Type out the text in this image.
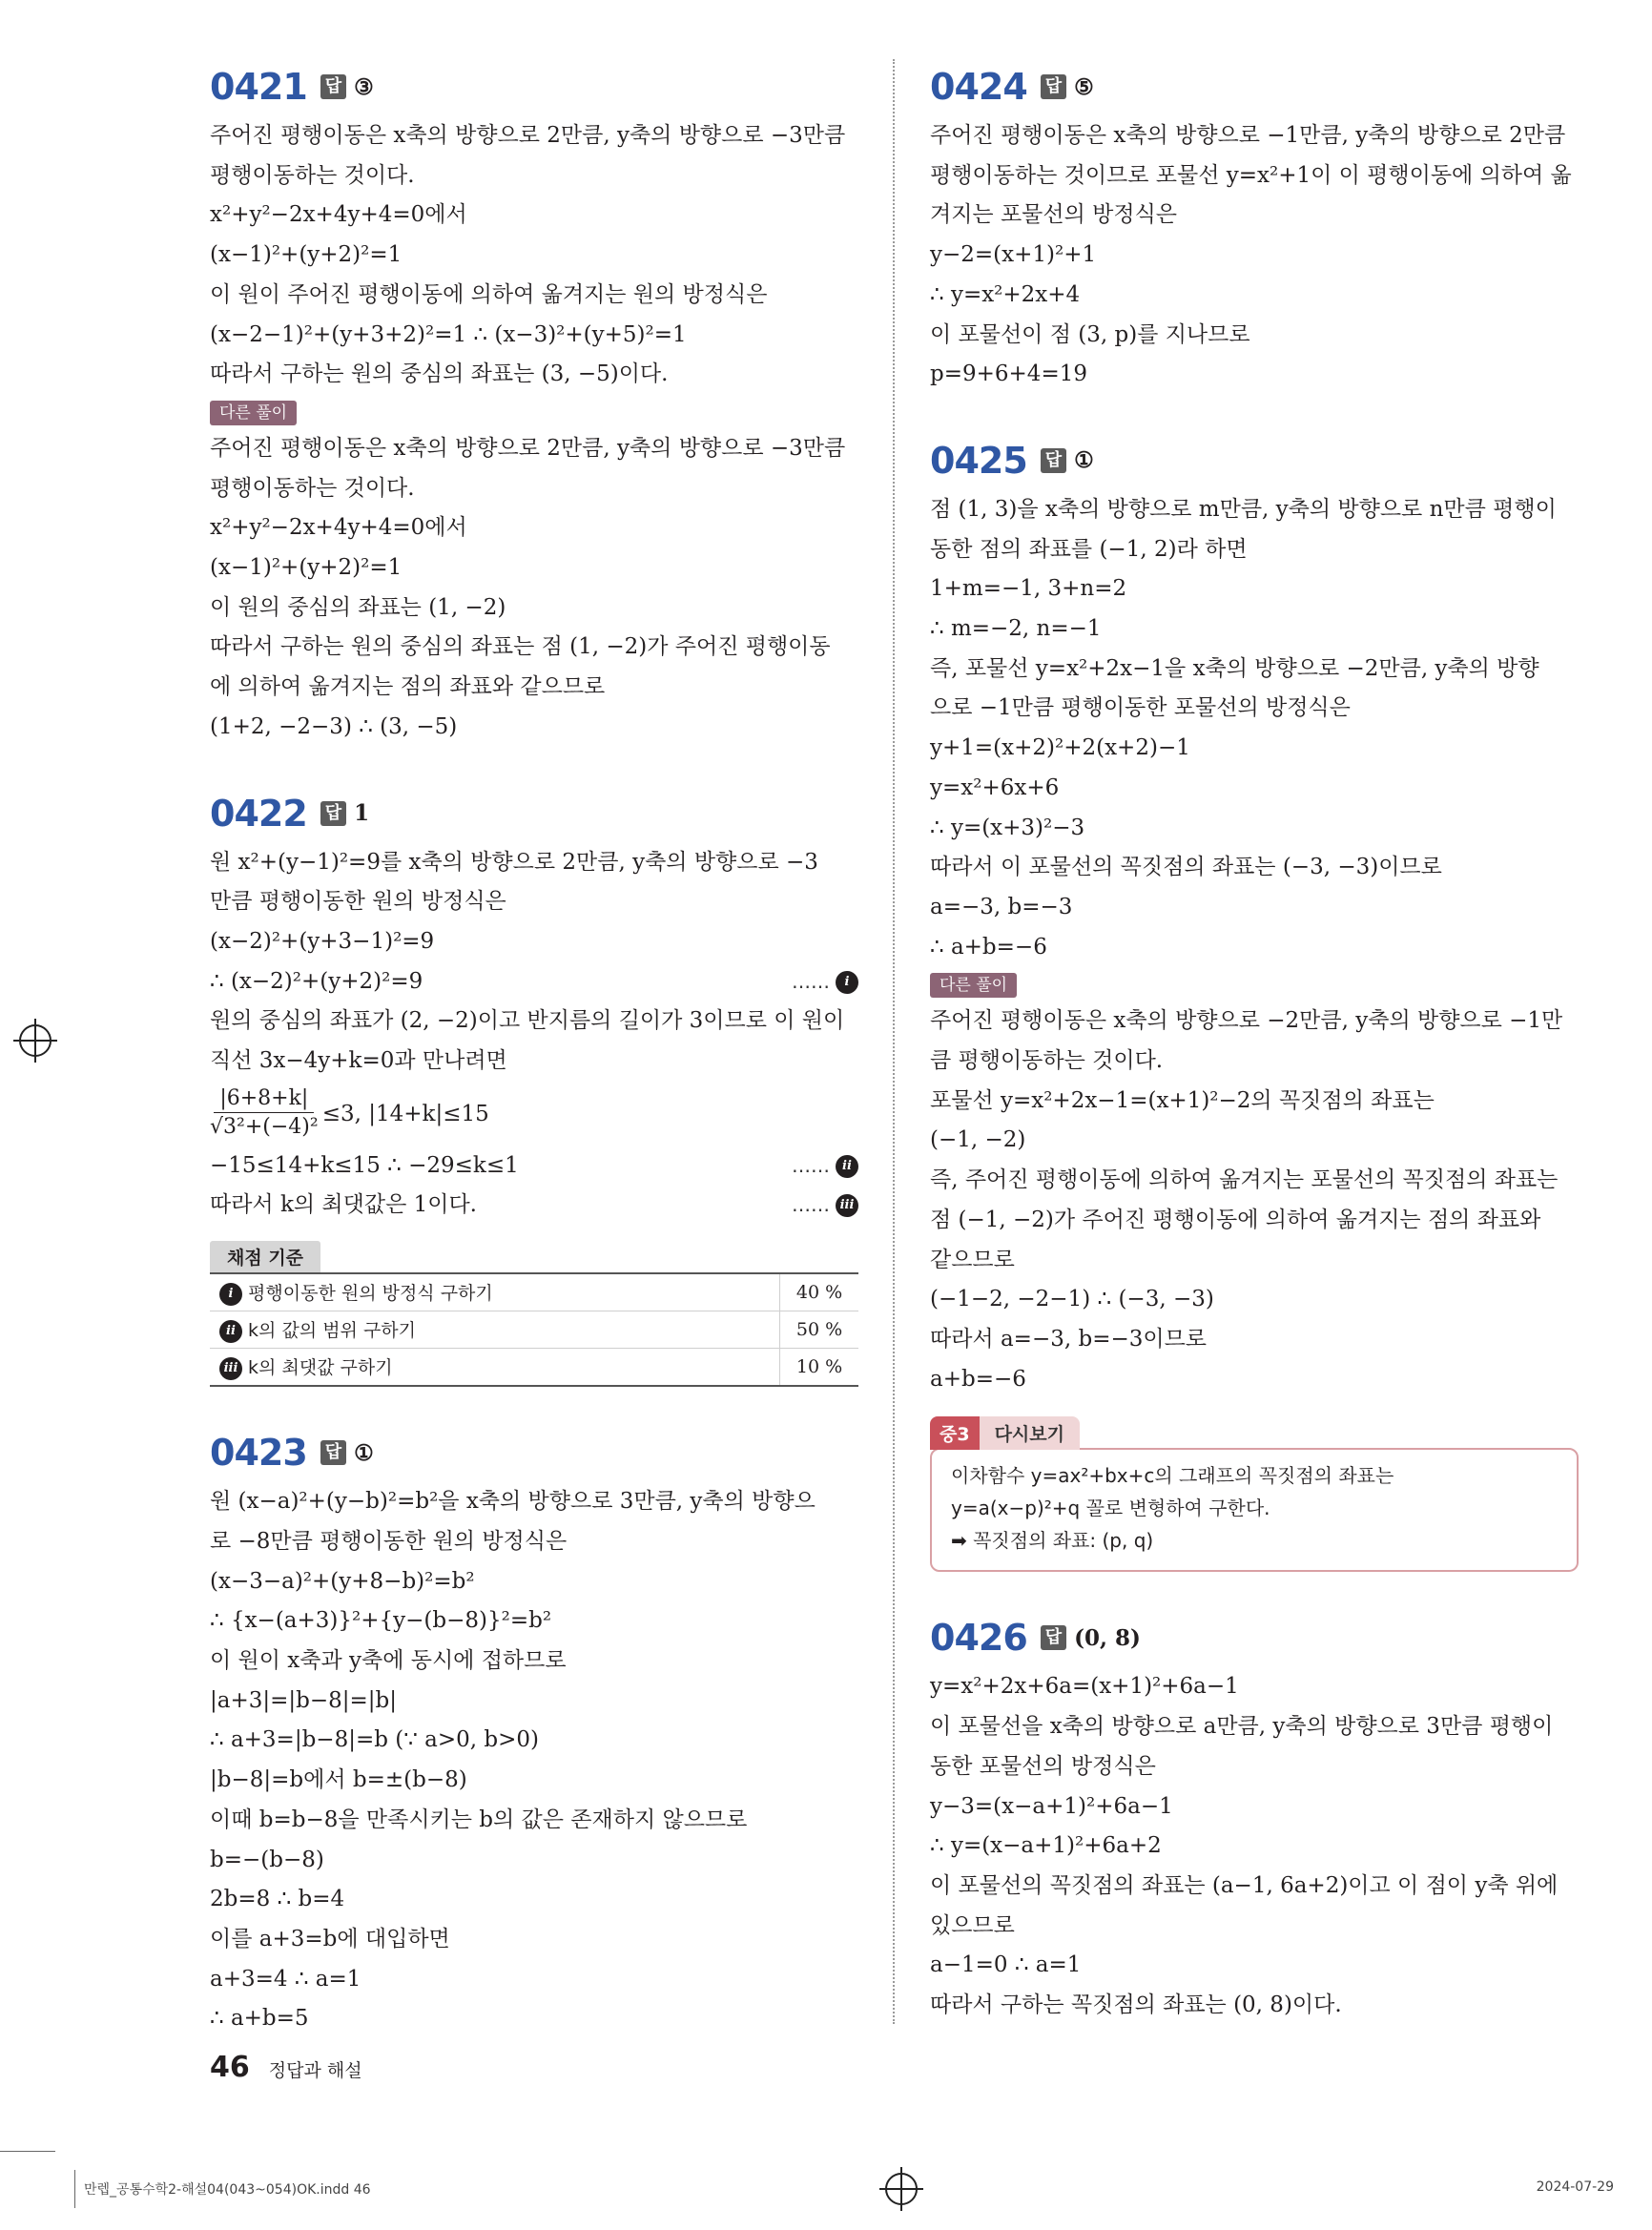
0421 답 ③
주어진 평행이동은 x축의 방향으로 2만큼, y축의 방향으로 −3만큼
평행이동하는 것이다.
x²+y²−2x+4y+4=0에서
(x−1)²+(y+2)²=1
이 원이 주어진 평행이동에 의하여 옮겨지는 원의 방정식은
(x−2−1)²+(y+3+2)²=1 ∴ (x−3)²+(y+5)²=1
따라서 구하는 원의 중심의 좌표는 (3, −5)이다.
다른 풀이
주어진 평행이동은 x축의 방향으로 2만큼, y축의 방향으로 −3만큼
평행이동하는 것이다.
x²+y²−2x+4y+4=0에서
(x−1)²+(y+2)²=1
이 원의 중심의 좌표는 (1, −2)
따라서 구하는 원의 중심의 좌표는 점 (1, −2)가 주어진 평행이동
에 의하여 옮겨지는 점의 좌표와 같으므로
(1+2, −2−3) ∴ (3, −5)
0422 답 1
원 x²+(y−1)²=9를 x축의 방향으로 2만큼, y축의 방향으로 −3
만큼 평행이동한 원의 방정식은
(x−2)²+(y+3−1)²=9
∴ (x−2)²+(y+2)²=9	…… i
원의 중심의 좌표가 (2, −2)이고 반지름의 길이가 3이므로 이 원이
직선 3x−4y+k=0과 만나려면
$\frac{|6+8+k|}{\text{√3²+(−4)²}} \le 3$, |14+k|≤15
−15≤14+k≤15 ∴ −29≤k≤1	…… ii
따라서 k의 최댓값은 1이다.	…… iii
채점 기준
i 평행이동한 원의 방정식 구하기	40 %
ii k의 값의 범위 구하기	50 %
iii k의 최댓값 구하기	10 %
0423 답 ①
원 (x−a)²+(y−b)²=b²을 x축의 방향으로 3만큼, y축의 방향으
로 −8만큼 평행이동한 원의 방정식은
(x−3−a)²+(y+8−b)²=b²
∴ {x−(a+3)}²+{y−(b−8)}²=b²
이 원이 x축과 y축에 동시에 접하므로
|a+3|=|b−8|=|b|
∴ a+3=|b−8|=b (∵ a>0, b>0)
|b−8|=b에서 b=±(b−8)
이때 b=b−8을 만족시키는 b의 값은 존재하지 않으므로
b=−(b−8)
2b=8 ∴ b=4
이를 a+3=b에 대입하면
a+3=4 ∴ a=1
∴ a+b=5
0424 답 ⑤
주어진 평행이동은 x축의 방향으로 −1만큼, y축의 방향으로 2만큼
평행이동하는 것이므로 포물선 y=x²+1이 이 평행이동에 의하여 옮
겨지는 포물선의 방정식은
y−2=(x+1)²+1
∴ y=x²+2x+4
이 포물선이 점 (3, p)를 지나므로
p=9+6+4=19
0425 답 ①
점 (1, 3)을 x축의 방향으로 m만큼, y축의 방향으로 n만큼 평행이
동한 점의 좌표를 (−1, 2)라 하면
1+m=−1, 3+n=2
∴ m=−2, n=−1
즉, 포물선 y=x²+2x−1을 x축의 방향으로 −2만큼, y축의 방향
으로 −1만큼 평행이동한 포물선의 방정식은
y+1=(x+2)²+2(x+2)−1
y=x²+6x+6
∴ y=(x+3)²−3
따라서 이 포물선의 꼭짓점의 좌표는 (−3, −3)이므로
a=−3, b=−3
∴ a+b=−6
다른 풀이
주어진 평행이동은 x축의 방향으로 −2만큼, y축의 방향으로 −1만
큼 평행이동하는 것이다.
포물선 y=x²+2x−1=(x+1)²−2의 꼭짓점의 좌표는
(−1, −2)
즉, 주어진 평행이동에 의하여 옮겨지는 포물선의 꼭짓점의 좌표는
점 (−1, −2)가 주어진 평행이동에 의하여 옮겨지는 점의 좌표와
같으므로
(−1−2, −2−1) ∴ (−3, −3)
따라서 a=−3, b=−3이므로
a+b=−6
중3	다시보기
이차함수 y=ax²+bx+c의 그래프의 꼭짓점의 좌표는
y=a(x−p)²+q 꼴로 변형하여 구한다.
➡ 꼭짓점의 좌표: (p, q)
0426 답 (0, 8)
y=x²+2x+6a=(x+1)²+6a−1
이 포물선을 x축의 방향으로 a만큼, y축의 방향으로 3만큼 평행이
동한 포물선의 방정식은
y−3=(x−a+1)²+6a−1
∴ y=(x−a+1)²+6a+2
이 포물선의 꼭짓점의 좌표는 (a−1, 6a+2)이고 이 점이 y축 위에
있으므로
a−1=0 ∴ a=1
따라서 구하는 꼭짓점의 좌표는 (0, 8)이다.
46 정답과 해설
만렙_공통수학2-해설04(043~054)OK.indd 46	2024-07-29
